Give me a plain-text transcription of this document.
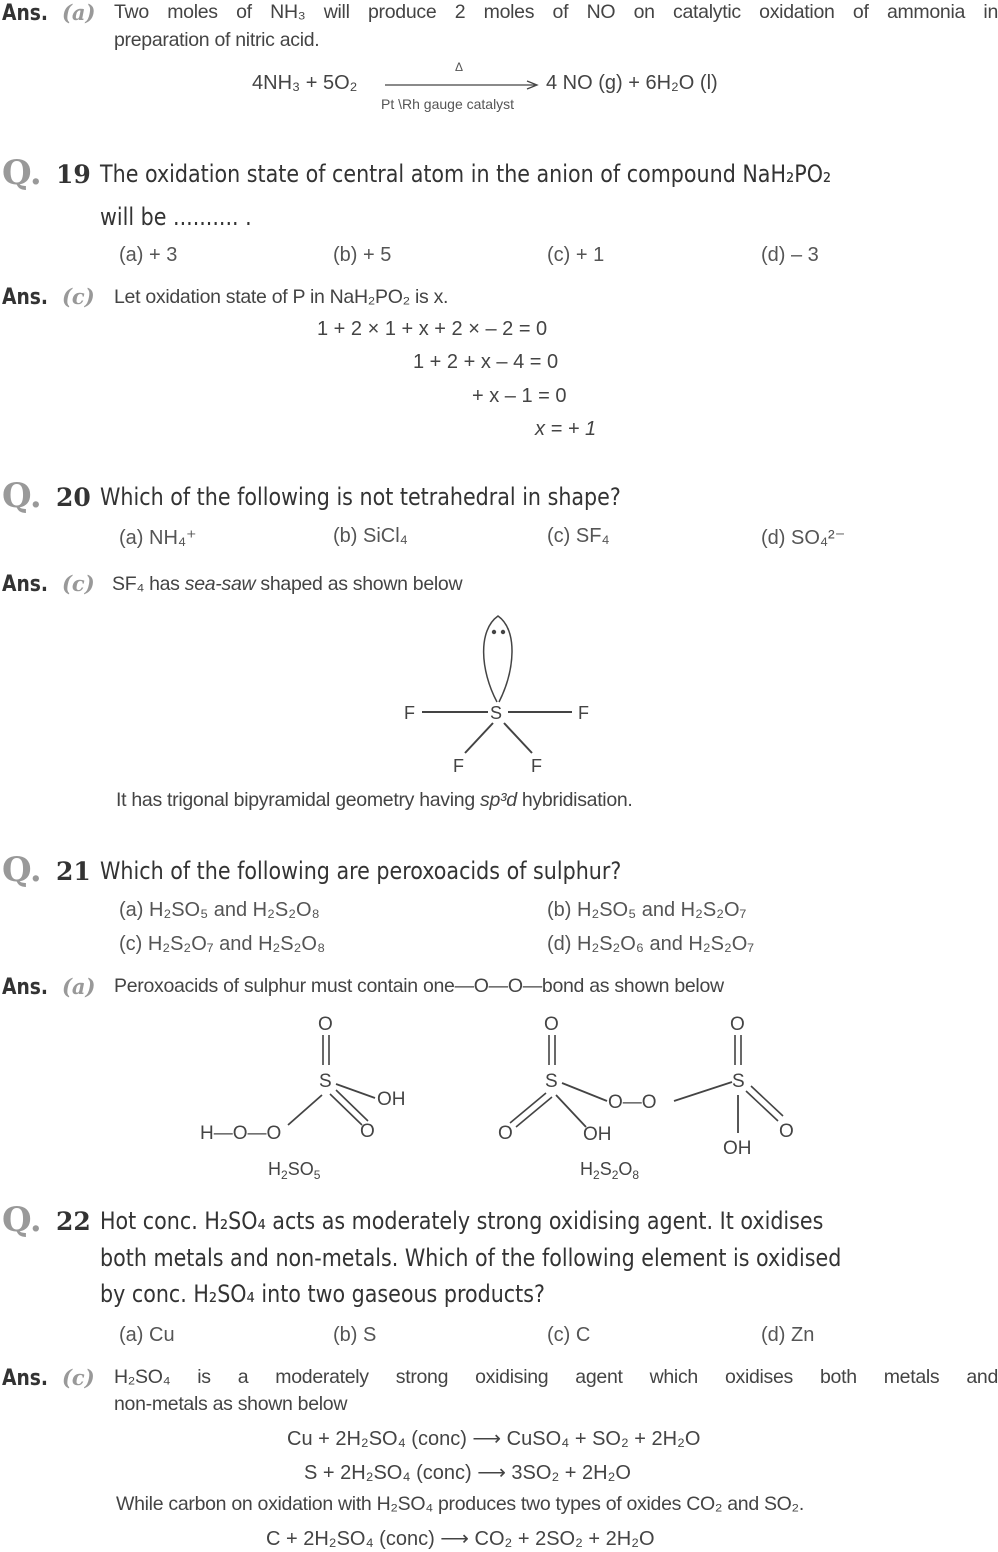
Ans. (a) Two moles of NH₃ will produce 2 moles of NO on catalytic oxidation of ammonia in
preparation of nitric acid.
4NH₃ + 5O₂
Δ
Pt \Rh gauge catalyst
4 NO (g) + 6H₂O (l)
Q. 19 The oxidation state of central atom in the anion of compound NaH₂PO₂
will be .......... .
(a) + 3	(b) + 5	(c) + 1	(d) – 3
Ans. (c) Let oxidation state of P in NaH₂PO₂ is x.
1 + 2 × 1 + x + 2 × – 2 = 0
1 + 2 + x – 4 = 0
+ x – 1 = 0
x = + 1
Q. 20 Which of the following is not tetrahedral in shape?
(a) NH₄⁺	(b) SiCl₄	(c) SF₄	(d) SO₄²⁻
Ans. (c) SF₄ has sea-saw shaped as shown below
F	S	F
F	F
It has trigonal bipyramidal geometry having sp³d hybridisation.
Q. 21 Which of the following are peroxoacids of sulphur?
(a) H₂SO₅ and H₂S₂O₈	(b) H₂SO₅ and H₂S₂O₇
(c) H₂S₂O₇ and H₂S₂O₈	(d) H₂S₂O₆ and H₂S₂O₇
Ans. (a) Peroxoacids of sulphur must contain one—O—O—bond as shown below
O
S
OH
H—O—O	O
$H_2SO_5$
O
S
O	OH
O—O
O
S
O
OH
$H_2S_2O_8$
Q. 22 Hot conc. H₂SO₄ acts as moderately strong oxidising agent. It oxidises
both metals and non-metals. Which of the following element is oxidised
by conc. H₂SO₄ into two gaseous products?
(a) Cu	(b) S	(c) C	(d) Zn
Ans. (c) H₂SO₄ is a moderately strong oxidising agent which oxidises both metals and
non-metals as shown below
Cu + 2H₂SO₄ (conc) ⟶ CuSO₄ + SO₂ + 2H₂O
S + 2H₂SO₄ (conc) ⟶ 3SO₂ + 2H₂O
While carbon on oxidation with H₂SO₄ produces two types of oxides CO₂ and SO₂.
C + 2H₂SO₄ (conc) ⟶ CO₂ + 2SO₂ + 2H₂O
